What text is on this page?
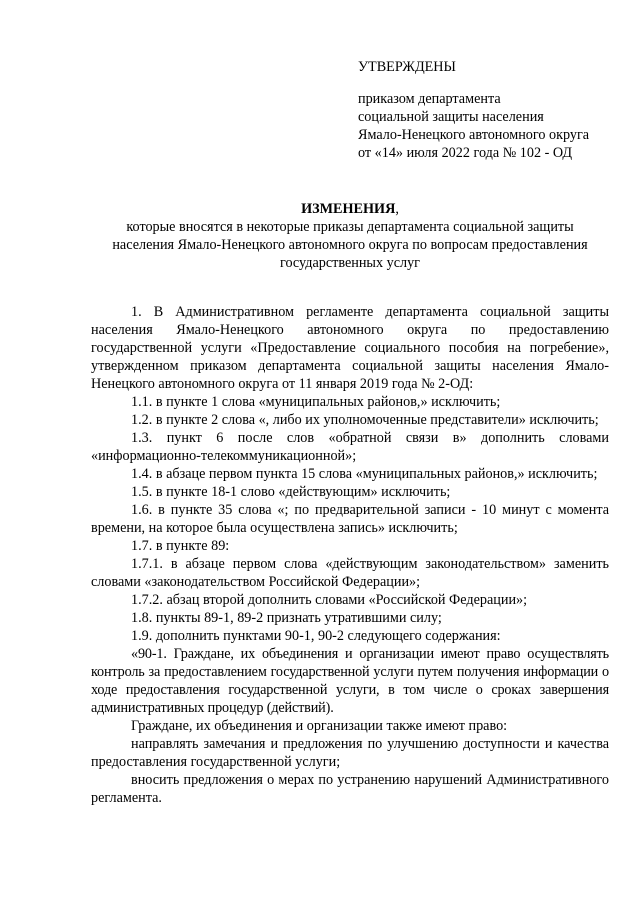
УТВЕРЖДЕНЫ
приказом департамента
социальной защиты населения
Ямало-Ненецкого автономного округа
от «14» июля 2022 года № 102 - ОД
ИЗМЕНЕНИЯ,
которые вносятся в некоторые приказы департамента социальной защиты
населения Ямало-Ненецкого автономного округа по вопросам предоставления
государственных услуг

1. В Административном регламенте департамента социальной защиты населения Ямало-Ненецкого автономного округа по предоставлению государственной услуги «Предоставление социального пособия на погребение», утвержденном приказом департамента социальной защиты населения Ямало-Ненецкого автономного округа от 11 января 2019 года № 2-ОД:

1.1. в пункте 1 слова «муниципальных районов,» исключить;

1.2. в пункте 2 слова «, либо их уполномоченные представители» исключить;

1.3. пункт 6 после слов «обратной связи в» дополнить словами «информационно-телекоммуникационной»;

1.4. в абзаце первом пункта 15 слова «муниципальных районов,» исключить;

1.5. в пункте 18-1 слово «действующим» исключить;

1.6. в пункте 35 слова «; по предварительной записи - 10 минут с момента времени, на которое была осуществлена запись» исключить;

1.7. в пункте 89:

1.7.1. в абзаце первом слова «действующим законодательством» заменить словами «законодательством Российской Федерации»;

1.7.2. абзац второй дополнить словами «Российской Федерации»;

1.8. пункты 89-1, 89-2 признать утратившими силу;

1.9. дополнить пунктами 90-1, 90-2 следующего содержания:

«90-1. Граждане, их объединения и организации имеют право осуществлять контроль за предоставлением государственной услуги путем получения информации о ходе предоставления государственной услуги, в том числе о сроках завершения административных процедур (действий).

Граждане, их объединения и организации также имеют право:

направлять замечания и предложения по улучшению доступности и качества предоставления государственной услуги;

вносить предложения о мерах по устранению нарушений Административного регламента.
